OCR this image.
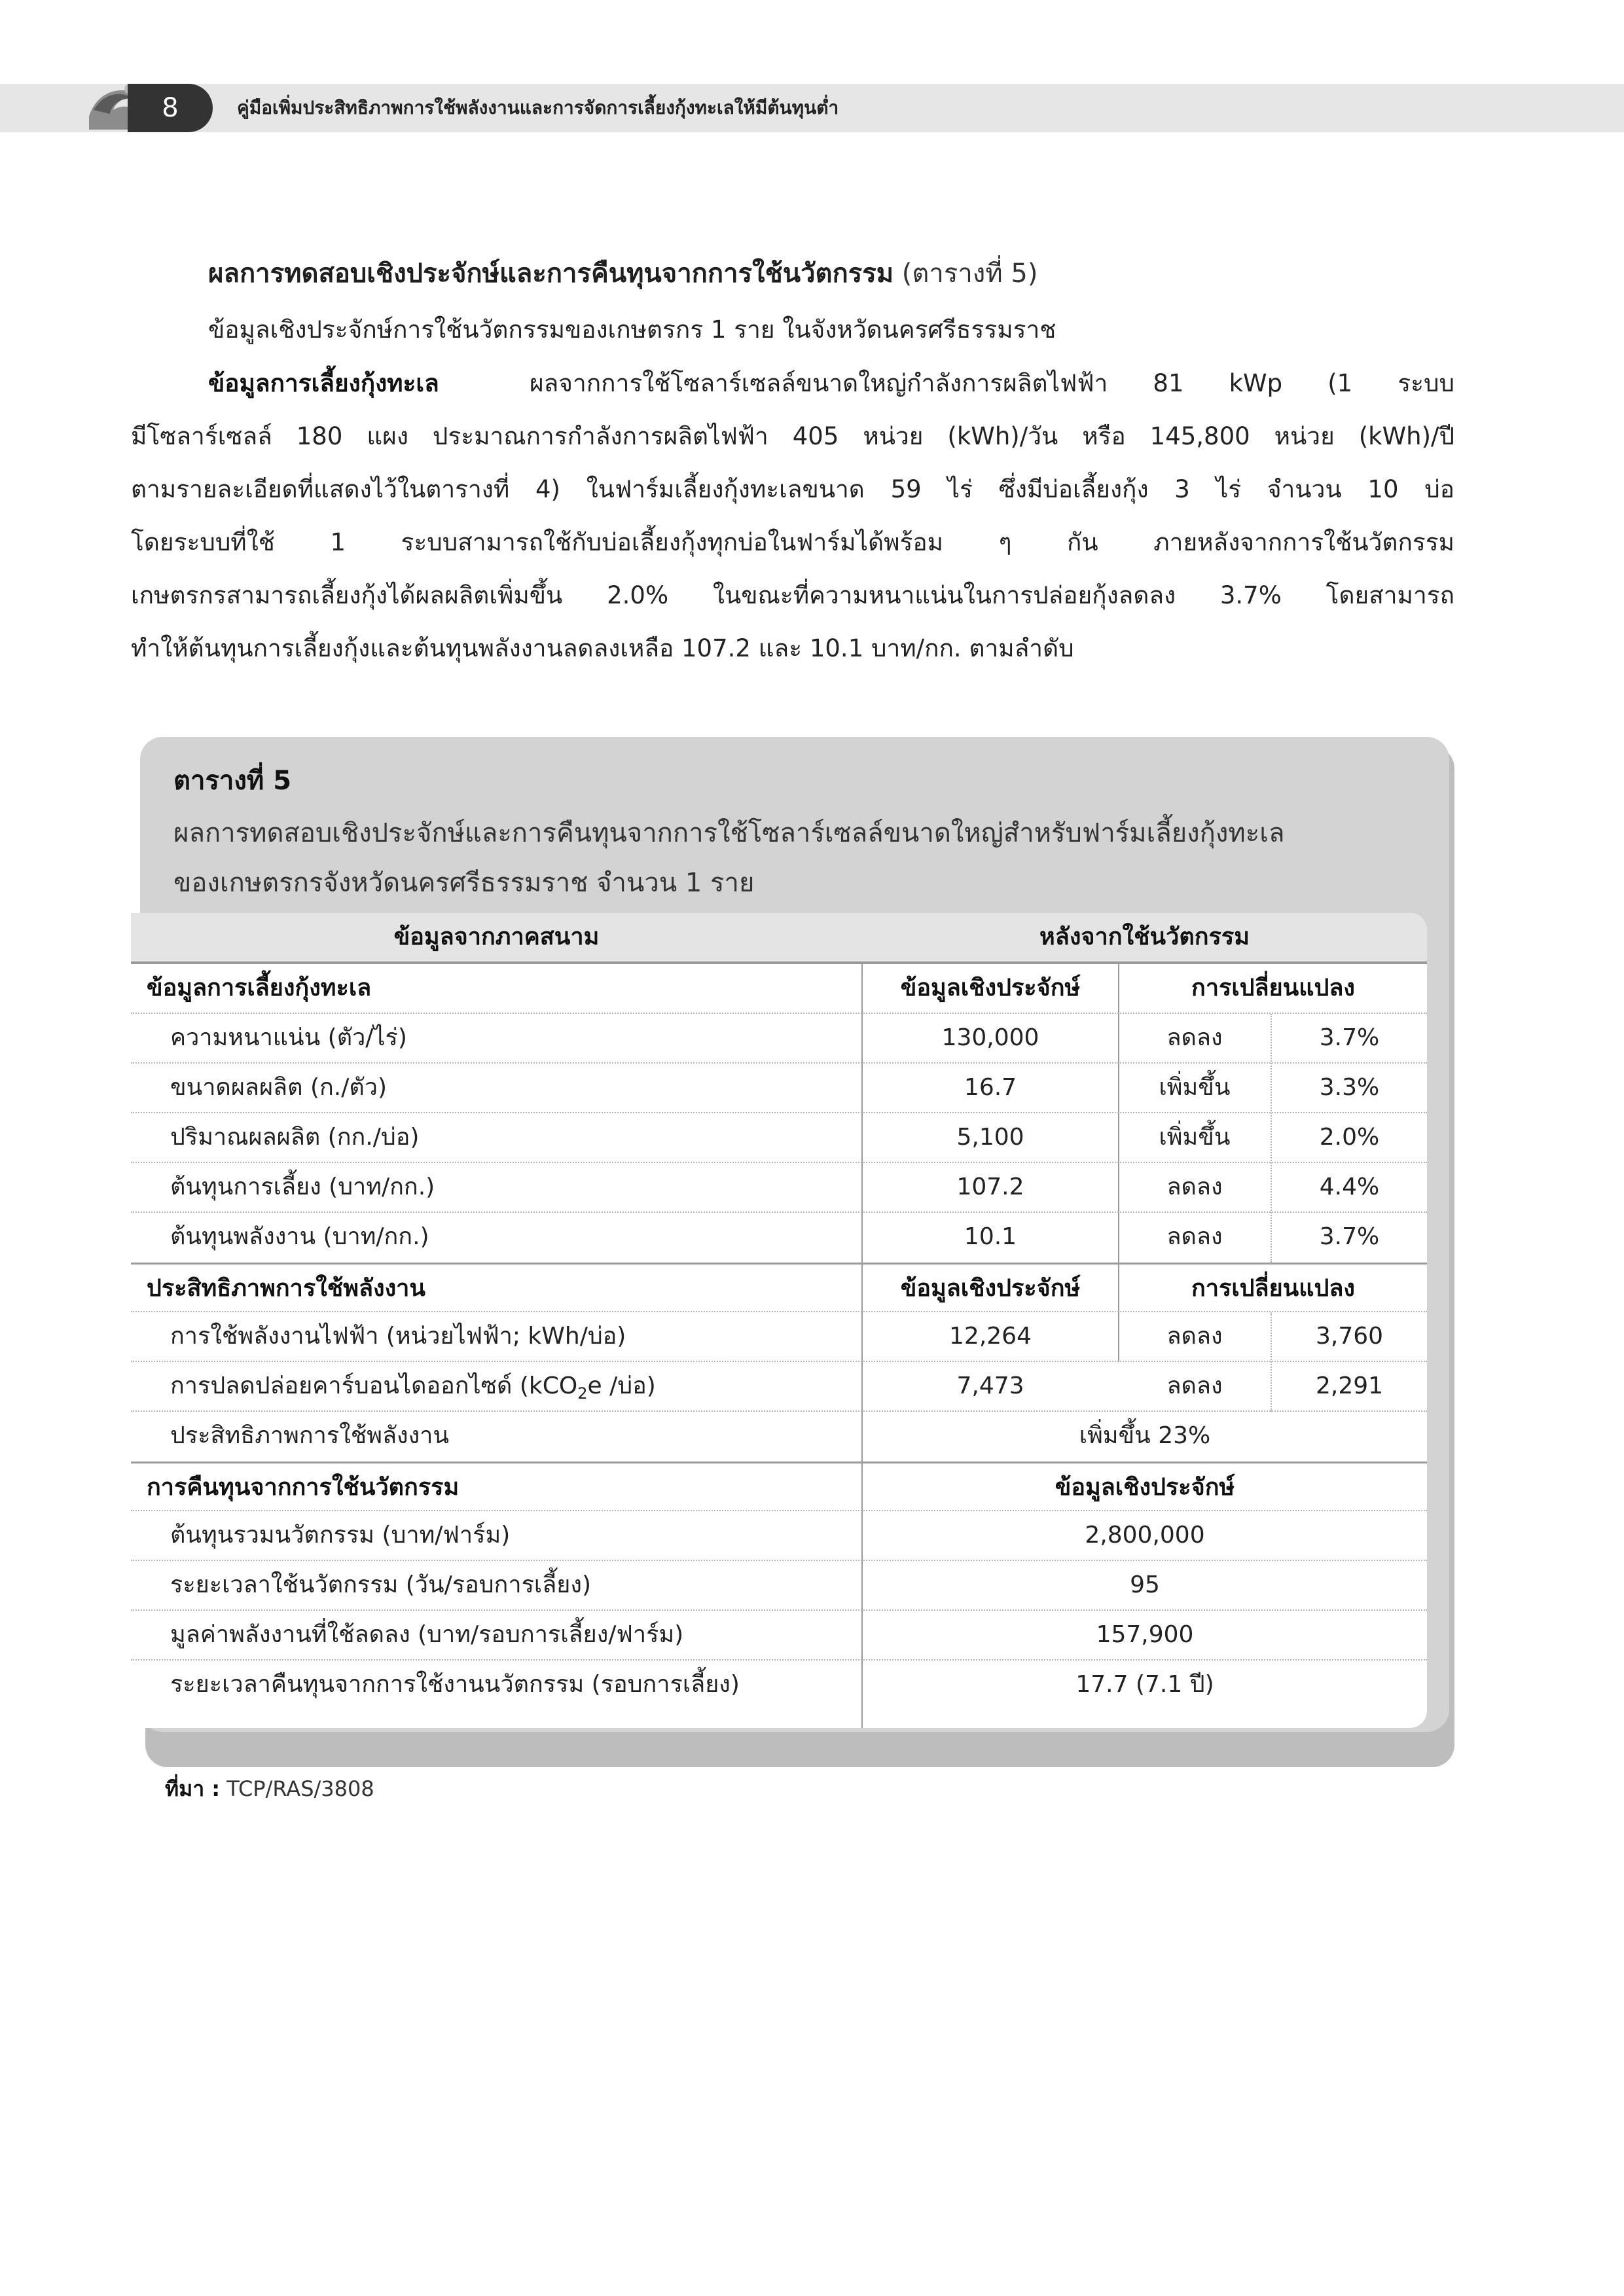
8	คู่มือเพิ่มประสิทธิภาพการใช้พลังงานและการจัดการเลี้ยงกุ้งทะเลให้มีต้นทุนต่ำ
ผลการทดสอบเชิงประจักษ์และการคืนทุนจากการใช้นวัตกรรม (ตารางที่ 5)
ข้อมูลเชิงประจักษ์การใช้นวัตกรรมของเกษตรกร 1 ราย ในจังหวัดนครศรีธรรมราช
ข้อมูลการเลี้ยงกุ้งทะเล	ผลจากการใช้โซลาร์เซลล์ขนาดใหญ่กำลังการผลิตไฟฟ้า 81 kWp (1 ระบบ
มีโซลาร์เซลล์ 180 แผง ประมาณการกำลังการผลิตไฟฟ้า 405 หน่วย (kWh)/วัน หรือ 145,800 หน่วย (kWh)/ปี
ตามรายละเอียดที่แสดงไว้ในตารางที่ 4) ในฟาร์มเลี้ยงกุ้งทะเลขนาด 59 ไร่ ซึ่งมีบ่อเลี้ยงกุ้ง 3 ไร่ จำนวน 10 บ่อ
โดยระบบที่ใช้ 1 ระบบสามารถใช้กับบ่อเลี้ยงกุ้งทุกบ่อในฟาร์มได้พร้อม ๆ กัน ภายหลังจากการใช้นวัตกรรม
เกษตรกรสามารถเลี้ยงกุ้งได้ผลผลิตเพิ่มขึ้น 2.0% ในขณะที่ความหนาแน่นในการปล่อยกุ้งลดลง 3.7% โดยสามารถ
ทำให้ต้นทุนการเลี้ยงกุ้งและต้นทุนพลังงานลดลงเหลือ 107.2 และ 10.1 บาท/กก. ตามลำดับ
ตารางที่ 5
ผลการทดสอบเชิงประจักษ์และการคืนทุนจากการใช้โซลาร์เซลล์ขนาดใหญ่สำหรับฟาร์มเลี้ยงกุ้งทะเล
ของเกษตรกรจังหวัดนครศรีธรรมราช จำนวน 1 ราย
ข้อมูลจากภาคสนาม	หลังจากใช้นวัตกรรม
ข้อมูลการเลี้ยงกุ้งทะเล	ข้อมูลเชิงประจักษ์	การเปลี่ยนแปลง
ความหนาแน่น (ตัว/ไร่)	130,000	ลดลง	3.7%
ขนาดผลผลิต (ก./ตัว)	16.7	เพิ่มขึ้น	3.3%
ปริมาณผลผลิต (กก./บ่อ)	5,100	เพิ่มขึ้น	2.0%
ต้นทุนการเลี้ยง (บาท/กก.)	107.2	ลดลง	4.4%
ต้นทุนพลังงาน (บาท/กก.)	10.1	ลดลง	3.7%
ประสิทธิภาพการใช้พลังงาน	ข้อมูลเชิงประจักษ์	การเปลี่ยนแปลง
การใช้พลังงานไฟฟ้า (หน่วยไฟฟ้า; kWh/บ่อ)	12,264	ลดลง	3,760
การปลดปล่อยคาร์บอนไดออกไซด์ (kCO$_2$e /บ่อ)	7,473	ลดลง	2,291
ประสิทธิภาพการใช้พลังงาน	เพิ่มขึ้น 23%
การคืนทุนจากการใช้นวัตกรรม	ข้อมูลเชิงประจักษ์
ต้นทุนรวมนวัตกรรม (บาท/ฟาร์ม)	2,800,000
ระยะเวลาใช้นวัตกรรม (วัน/รอบการเลี้ยง)	95
มูลค่าพลังงานที่ใช้ลดลง (บาท/รอบการเลี้ยง/ฟาร์ม)	157,900
ระยะเวลาคืนทุนจากการใช้งานนวัตกรรม (รอบการเลี้ยง)	17.7 (7.1 ปี)
ที่มา : TCP/RAS/3808
